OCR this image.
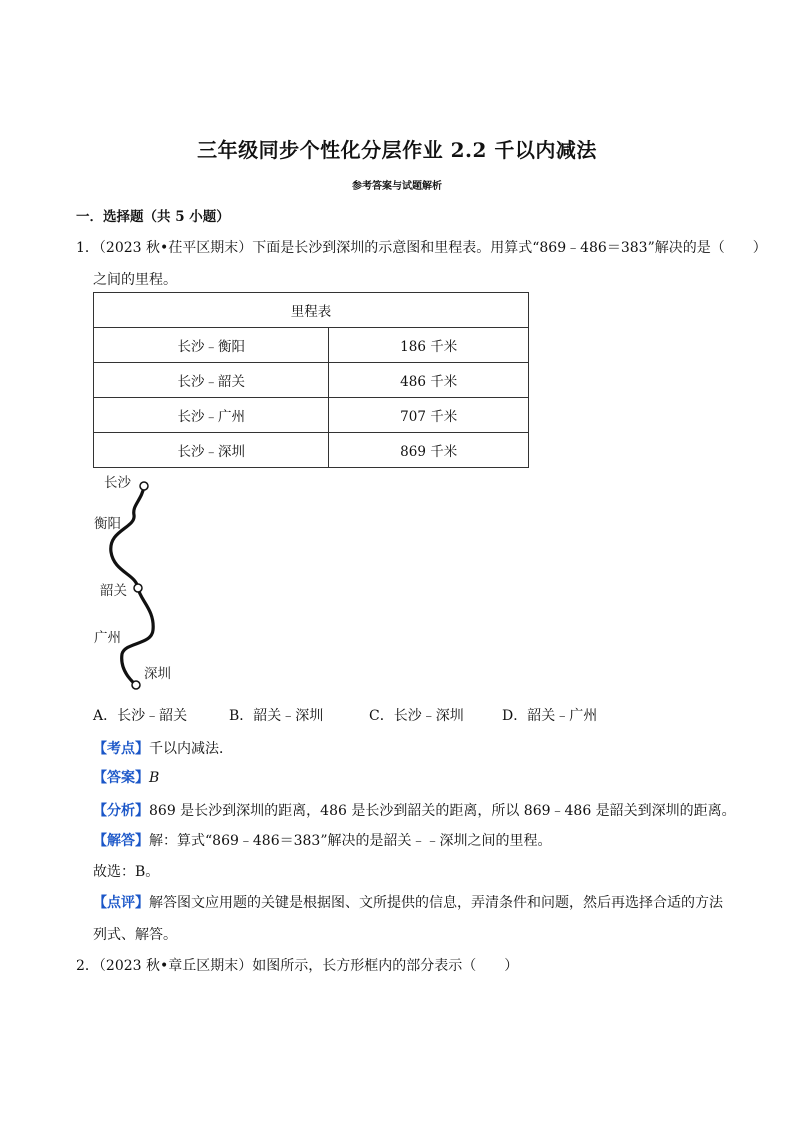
三年级同步个性化分层作业 2.2 千以内减法
参考答案与试题解析
一．选择题（共 5 小题）
1．（2023 秋•茌平区期末）下面是长沙到深圳的示意图和里程表。用算式“869﹣486＝383”解决的是（　　）
之间的里程。
里程表	
长沙﹣衡阳	186 千米
长沙﹣韶关	486 千米
长沙﹣广州	707 千米
长沙﹣深圳	869 千米
长沙
衡阳
韶关
广州
深圳
A．长沙﹣韶关	B．韶关﹣深圳	C．长沙﹣深圳	D．韶关﹣广州
【考点】千以内减法．
【答案】B
【分析】869 是长沙到深圳的距离，486 是长沙到韶关的距离，所以 869﹣486 是韶关到深圳的距离。
【解答】解：算式“869﹣486＝383”解决的是韶关﹣﹣深圳之间的里程。
故选：B。
【点评】解答图文应用题的关键是根据图、文所提供的信息，弄清条件和问题，然后再选择合适的方法
列式、解答。
2．（2023 秋•章丘区期末）如图所示，长方形框内的部分表示（　　）
